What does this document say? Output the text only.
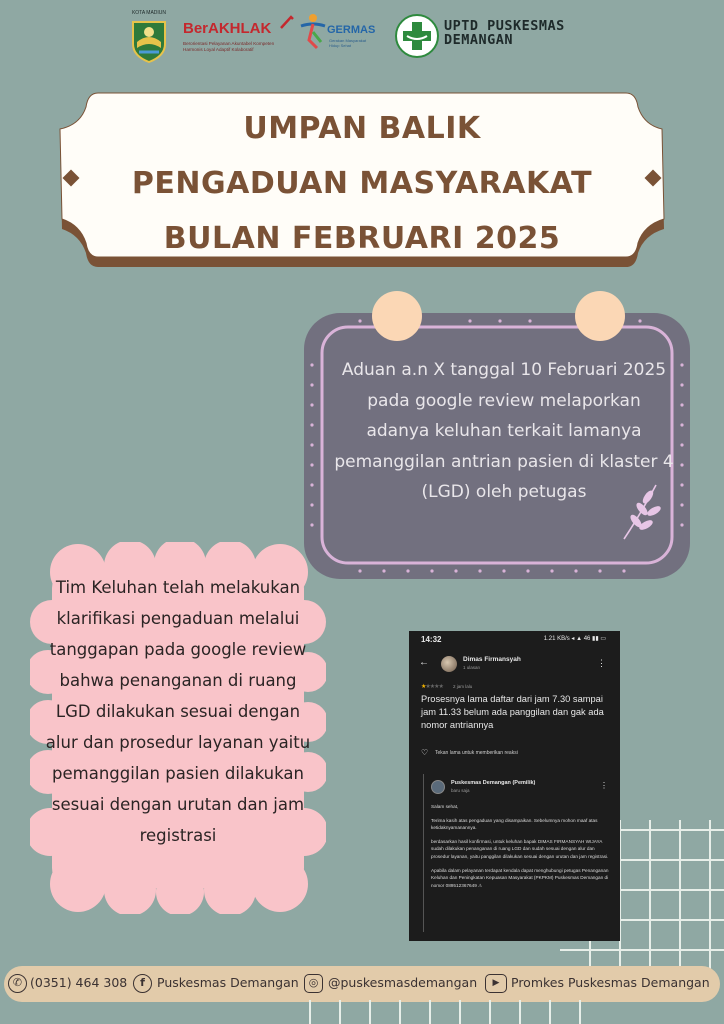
KOTA MADIUN
BerAKHLAK
Berorientasi Pelayanan Akuntabel Kompeten
Harmonis Loyal Adaptif Kolaboratif
GERMAS
Gerakan Masyarakat Hidup Sehat
UPTD PUSKESMAS
DEMANGAN
UMPAN BALIK
PENGADUAN MASYARAKAT
BULAN FEBRUARI 2025
Aduan a.n X tanggal 10 Februari 2025 pada google review melaporkan adanya keluhan terkait lamanya pemanggilan antrian pasien di klaster 4 (LGD) oleh petugas
Tim Keluhan telah melakukan klarifikasi pengaduan melalui tanggapan pada google review bahwa penanganan di ruang LGD dilakukan sesuai dengan alur dan prosedur layanan yaitu pemanggilan pasien dilakukan sesuai dengan urutan dan jam registrasi
14:32	1.21 KB/s ◂ ▲ 46 ▮▮ ▭
←	Dimas Firmansyah
1 ulasan	⋮
★★★★★ 2 jam lalu
Prosesnya lama daftar dari jam 7.30 sampai jam 11.33 belum ada panggilan dan gak ada nomor antriannya
♡ Tekan lama untuk memberikan reaksi
Puskesmas Demangan (Pemilik)
baru saja
⋮

Salam sehat,

Terima kasih atas pengaduan yang disampaikan. Sebelumnya mohon maaf atas ketidaknyamanannya.

berdasarkan hasil konfirmasi, untuk keluhan bapak DIMAS FIRMANSYAH WIJAYA sudah dilakukan penanganan di ruang LGD dan sudah sesuai dengan alur dan prosedur layanan, yaitu panggilan dilakukan sesuai dengan urutan dan jam registrasi.

Apabila dalam pelayanan terdapat kendala dapat menghubungi petugas Penanganan Keluhan dan Peningkatan Kepuasan Masyarakat (PKPKM) Puskesmas Demangan di nomor 089512367649 ⚠

✆ (0351) 464 308	f Puskesmas Demangan ◎ @puskesmasdemangan	▶ Promkes Puskesmas Demangan
